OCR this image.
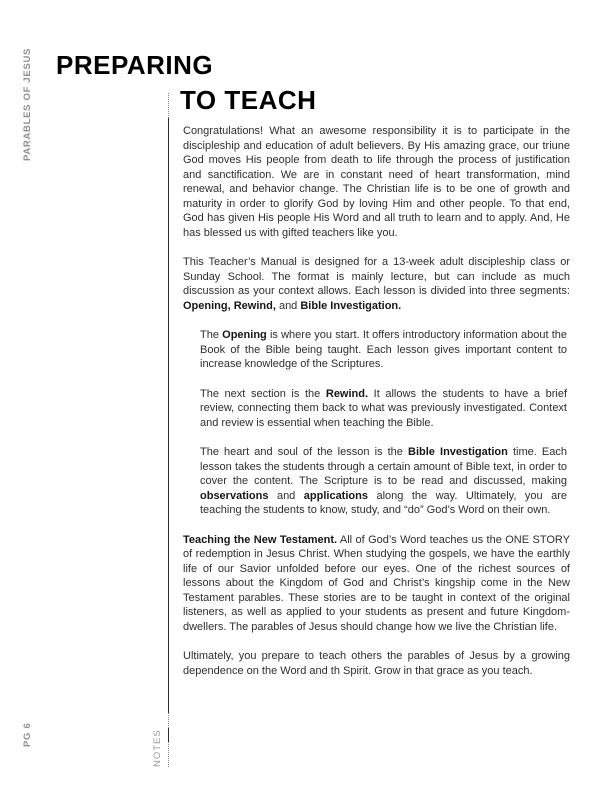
PARABLES OF JESUS
PG 6
PREPARING
TO TEACH
NOTES

Congratulations! What an awesome responsibility it is to participate in the discipleship and education of adult believers. By His amazing grace, our triune God moves His people from death to life through the process of justification and sanctification. We are in constant need of heart transformation, mind renewal, and behavior change. The Christian life is to be one of growth and maturity in order to glorify God by loving Him and other people. To that end, God has given His people His Word and all truth to learn and to apply. And, He has blessed us with gifted teachers like you.

This Teacher’s Manual is designed for a 13-week adult discipleship class or Sunday School. The format is mainly lecture, but can include as much discussion as your context allows. Each lesson is divided into three segments: Opening, Rewind, and Bible Investigation.

The Opening is where you start. It offers introductory information about the Book of the Bible being taught. Each lesson gives important content to increase knowledge of the Scriptures.

The next section is the Rewind. It allows the students to have a brief review, connecting them back to what was previously investigated. Context and review is essential when teaching the Bible.

The heart and soul of the lesson is the Bible Investigation time. Each lesson takes the students through a certain amount of Bible text, in order to cover the content. The Scripture is to be read and discussed, making observations and applications along the way. Ultimately, you are teaching the students to know, study, and “do” God’s Word on their own.

Teaching the New Testament. All of God’s Word teaches us the ONE STORY of redemption in Jesus Christ. When studying the gospels, we have the earthly life of our Savior unfolded before our eyes. One of the richest sources of lessons about the Kingdom of God and Christ’s kingship come in the New Testament parables. These stories are to be taught in context of the original listeners, as well as applied to your students as present and future Kingdom-dwellers. The parables of Jesus should change how we live the Christian life.

Ultimately, you prepare to teach others the parables of Jesus by a growing dependence on the Word and th Spirit. Grow in that grace as you teach.
